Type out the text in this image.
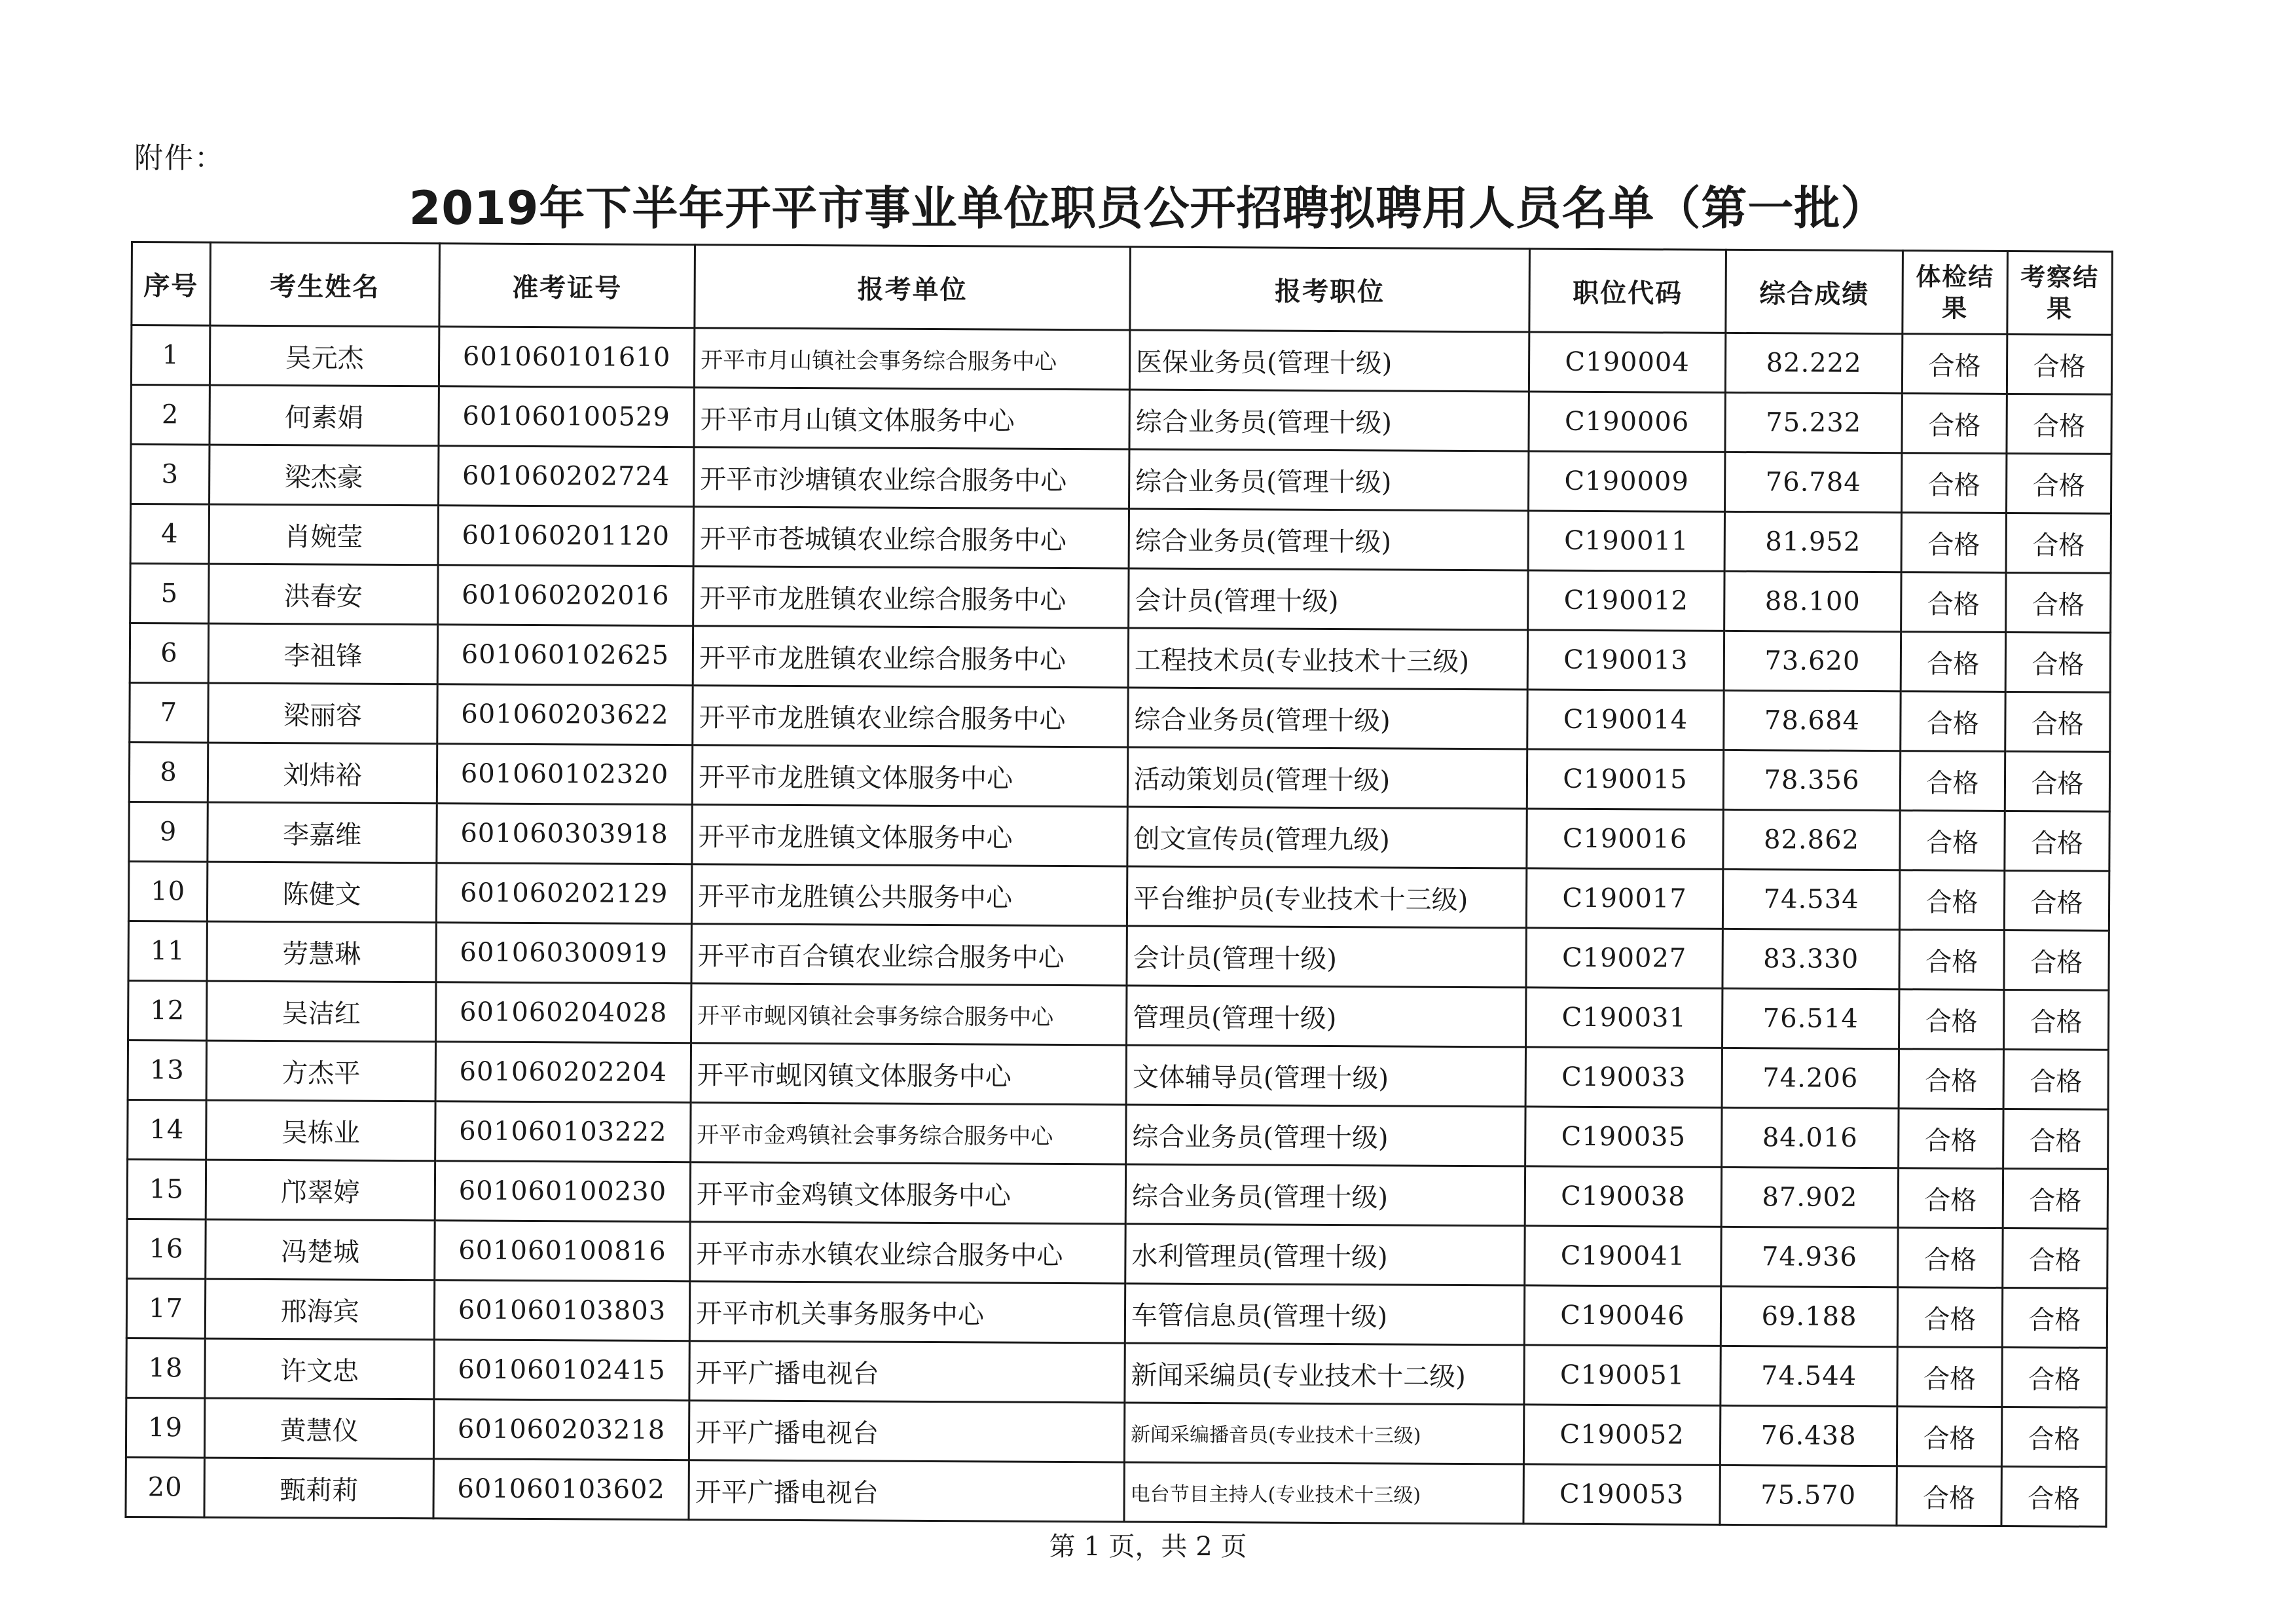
附件：
2019年下半年开平市事业单位职员公开招聘拟聘用人员名单（第一批）
序号	考生姓名	准考证号	报考单位	报考职位	职位代码	综合成绩	体检结果	考察结果
1	吴元杰	601060101610	开平市月山镇社会事务综合服务中心	医保业务员(管理十级)	C190004	82.222	合格	合格
2	何素娟	601060100529	开平市月山镇文体服务中心	综合业务员(管理十级)	C190006	75.232	合格	合格
3	梁杰豪	601060202724	开平市沙塘镇农业综合服务中心	综合业务员(管理十级)	C190009	76.784	合格	合格
4	肖婉莹	601060201120	开平市苍城镇农业综合服务中心	综合业务员(管理十级)	C190011	81.952	合格	合格
5	洪春安	601060202016	开平市龙胜镇农业综合服务中心	会计员(管理十级)	C190012	88.100	合格	合格
6	李祖锋	601060102625	开平市龙胜镇农业综合服务中心	工程技术员(专业技术十三级)	C190013	73.620	合格	合格
7	梁丽容	601060203622	开平市龙胜镇农业综合服务中心	综合业务员(管理十级)	C190014	78.684	合格	合格
8	刘炜裕	601060102320	开平市龙胜镇文体服务中心	活动策划员(管理十级)	C190015	78.356	合格	合格
9	李嘉维	601060303918	开平市龙胜镇文体服务中心	创文宣传员(管理九级)	C190016	82.862	合格	合格
10	陈健文	601060202129	开平市龙胜镇公共服务中心	平台维护员(专业技术十三级)	C190017	74.534	合格	合格
11	劳慧琳	601060300919	开平市百合镇农业综合服务中心	会计员(管理十级)	C190027	83.330	合格	合格
12	吴洁红	601060204028	开平市蚬冈镇社会事务综合服务中心	管理员(管理十级)	C190031	76.514	合格	合格
13	方杰平	601060202204	开平市蚬冈镇文体服务中心	文体辅导员(管理十级)	C190033	74.206	合格	合格
14	吴栋业	601060103222	开平市金鸡镇社会事务综合服务中心	综合业务员(管理十级)	C190035	84.016	合格	合格
15	邝翠婷	601060100230	开平市金鸡镇文体服务中心	综合业务员(管理十级)	C190038	87.902	合格	合格
16	冯楚城	601060100816	开平市赤水镇农业综合服务中心	水利管理员(管理十级)	C190041	74.936	合格	合格
17	邢海宾	601060103803	开平市机关事务服务中心	车管信息员(管理十级)	C190046	69.188	合格	合格
18	许文忠	601060102415	开平广播电视台	新闻采编员(专业技术十二级)	C190051	74.544	合格	合格
19	黄慧仪	601060203218	开平广播电视台	新闻采编播音员(专业技术十三级)	C190052	76.438	合格	合格
20	甄莉莉	601060103602	开平广播电视台	电台节目主持人(专业技术十三级)	C190053	75.570	合格	合格
第 1 页，共 2 页
